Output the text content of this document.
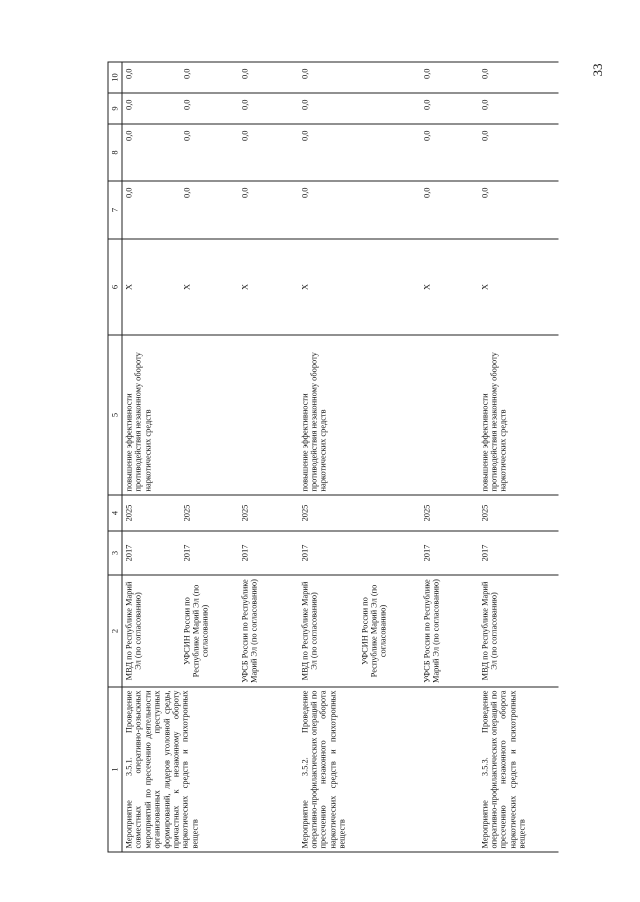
33
1	2	3	4	5	6	7	8	9	10
Мероприятие 3.5.1. Проведение совместных оперативно-розыскных мероприятий по пресечению деятельности организованных преступных формирований, лидеров уголовной среды, причастных к незаконному обороту наркотических средств и психотропных веществ	МВД по Республике Марий Эл (по согласованию)	2017	2025	повышение эффективности противодействия незаконному обороту наркотических средств	X	0,0	0,0	0,0	0,0
	УФСИН России по Республике Марий Эл (по согласованию)	2017	2025		X	0,0	0,0	0,0	0,0
	УФСБ России по Республике Марий Эл (по согласованию)	2017	2025		X	0,0	0,0	0,0	0,0
Мероприятие 3.5.2. Проведение оперативно-профилактических операций по пресечению незаконного оборота наркотических средств и психотропных веществ	МВД по Республике Марий Эл (по согласованию)	2017	2025	повышение эффективности противодействия незаконному обороту наркотических средств	X	0,0	0,0	0,0	0,0
	УФСИН России по Республике Марий Эл (по согласованию)								
	УФСБ России по Республике Марий Эл (по согласованию)	2017	2025		X	0,0	0,0	0,0	0,0
Мероприятие 3.5.3. Проведение оперативно-профилактических операций по пресечению незаконного оборота наркотических средств и психотропных веществ	МВД по Республике Марий Эл (по согласованию)	2017	2025	повышение эффективности противодействия незаконному обороту наркотических средств	X	0,0	0,0	0,0	0,0
